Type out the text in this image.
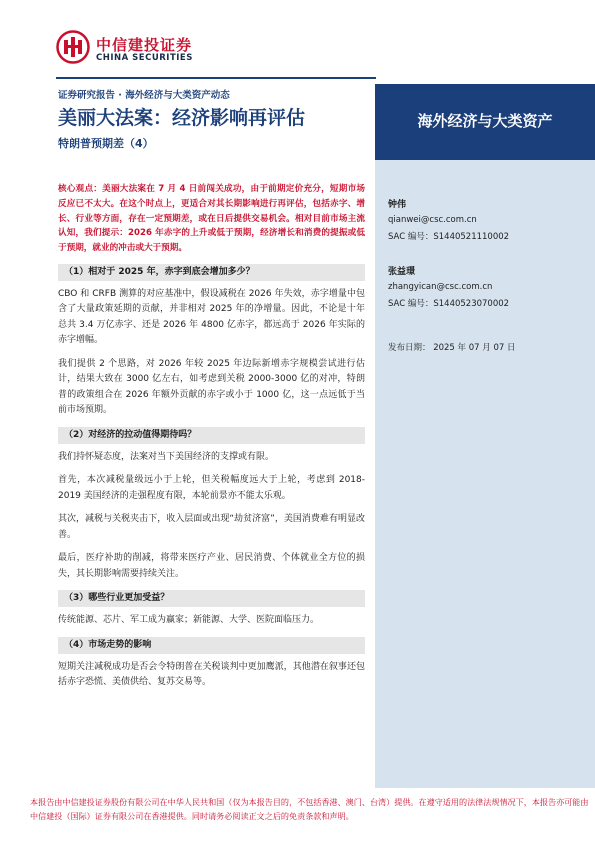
中信建投证券
CHINA SECURITIES
证券研究报告 · 海外经济与大类资产动态
美丽大法案：经济影响再评估
特朗普预期差（4）
海外经济与大类资产
钟伟
qianwei@csc.com.cn
SAC 编号：S1440521110002
张益璟
zhangyican@csc.com.cn
SAC 编号：S1440523070002
发布日期： 2025 年 07 月 07 日

核心观点：美丽大法案在 7 月 4 日前闯关成功，由于前期定价充分，短期市场反应已不太大。在这个时点上，更适合对其长期影响进行再评估，包括赤字、增长、行业等方面，存在一定预期差，或在日后提供交易机会。相对目前市场主流认知，我们提示：2026 年赤字的上升或低于预期，经济增长和消费的提振或低于预期，就业的冲击或大于预期。

（1）相对于 2025 年，赤字到底会增加多少？

CBO 和 CRFB 测算的对应基准中，假设减税在 2026 年失效，赤字增量中包含了大量政策延期的贡献，并非相对 2025 年的净增量。因此，不论是十年总共 3.4 万亿赤字、还是 2026 年 4800 亿赤字，都远高于 2026 年实际的赤字增幅。

我们提供 2 个思路，对 2026 年较 2025 年边际新增赤字规模尝试进行估计，结果大致在 3000 亿左右，如考虑到关税 2000-3000 亿的对冲，特朗普的政策组合在 2026 年额外贡献的赤字或小于 1000 亿，这一点远低于当前市场预期。

（2）对经济的拉动值得期待吗？

我们持怀疑态度，法案对当下美国经济的支撑或有限。

首先，本次减税量级远小于上轮，但关税幅度远大于上轮，考虑到 2018-2019 美国经济的走强程度有限，本轮前景亦不能太乐观。

其次，减税与关税夹击下，收入层面或出现“劫贫济富”，美国消费难有明显改善。

最后，医疗补助的削减，将带来医疗产业、居民消费、个体就业全方位的损失，其长期影响需要持续关注。

（3）哪些行业更加受益？

传统能源、芯片、军工成为赢家；新能源、大学、医院面临压力。

（4）市场走势的影响

短期关注减税成功是否会令特朗普在关税谈判中更加鹰派，其他潜在叙事还包括赤字恐慌、美债供给、复苏交易等。

本报告由中信建投证券股份有限公司在中华人民共和国（仅为本报告目的，不包括香港、澳门、台湾）提供。在遵守适用的法律法规情况下，本报告亦可能由中信建投（国际）证券有限公司在香港提供。同时请务必阅读正文之后的免责条款和声明。
